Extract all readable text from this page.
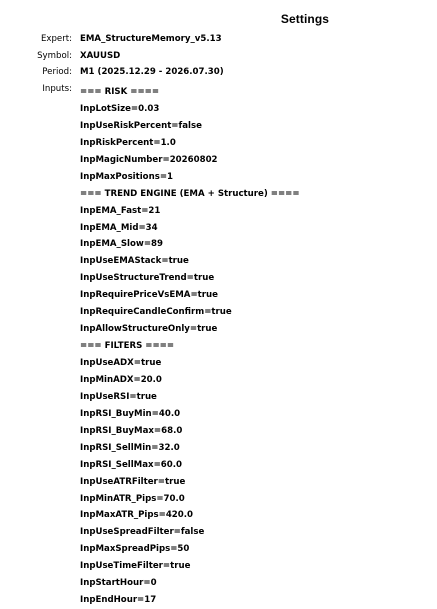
Settings
Expert: EMA_StructureMemory_v5.13
Symbol: XAUUSD
Period: M1 (2025.12.29 - 2026.07.30)
Inputs: === RISK ====
InpLotSize=0.03
InpUseRiskPercent=false
InpRiskPercent=1.0
InpMagicNumber=20260802
InpMaxPositions=1
=== TREND ENGINE (EMA + Structure) ====
InpEMA_Fast=21
InpEMA_Mid=34
InpEMA_Slow=89
InpUseEMAStack=true
InpUseStructureTrend=true
InpRequirePriceVsEMA=true
InpRequireCandleConfirm=true
InpAllowStructureOnly=true
=== FILTERS ====
InpUseADX=true
InpMinADX=20.0
InpUseRSI=true
InpRSI_BuyMin=40.0
InpRSI_BuyMax=68.0
InpRSI_SellMin=32.0
InpRSI_SellMax=60.0
InpUseATRFilter=true
InpMinATR_Pips=70.0
InpMaxATR_Pips=420.0
InpUseSpreadFilter=false
InpMaxSpreadPips=50
InpUseTimeFilter=true
InpStartHour=0
InpEndHour=17
